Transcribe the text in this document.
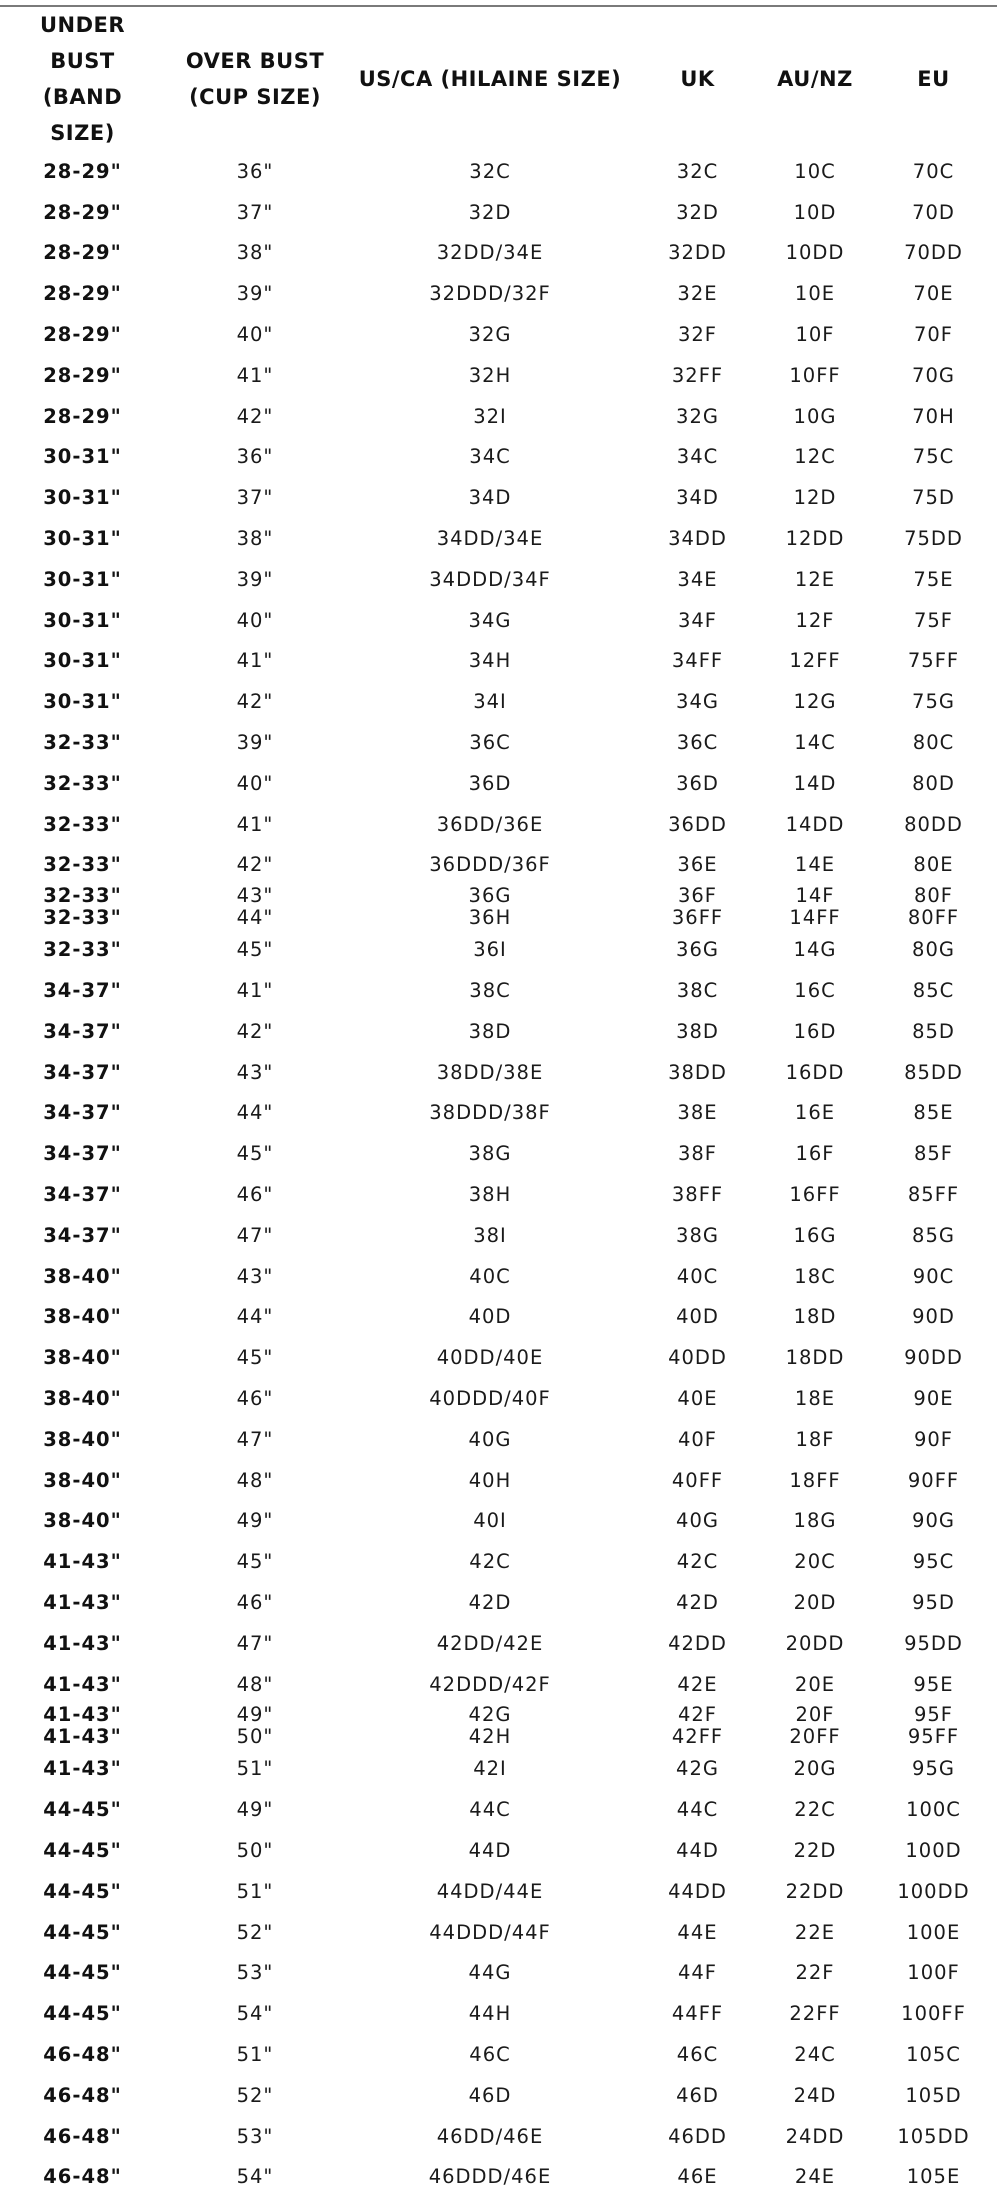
UNDER BUST (BAND SIZE)	OVER BUST (CUP SIZE)	US/CA (HILAINE SIZE)	UK	AU/NZ	EU
28-29"	36"	32C	32C	10C	70C
28-29"	37"	32D	32D	10D	70D
28-29"	38"	32DD/34E	32DD	10DD	70DD
28-29"	39"	32DDD/32F	32E	10E	70E
28-29"	40"	32G	32F	10F	70F
28-29"	41"	32H	32FF	10FF	70G
28-29"	42"	32I	32G	10G	70H
30-31"	36"	34C	34C	12C	75C
30-31"	37"	34D	34D	12D	75D
30-31"	38"	34DD/34E	34DD	12DD	75DD
30-31"	39"	34DDD/34F	34E	12E	75E
30-31"	40"	34G	34F	12F	75F
30-31"	41"	34H	34FF	12FF	75FF
30-31"	42"	34I	34G	12G	75G
32-33"	39"	36C	36C	14C	80C
32-33"	40"	36D	36D	14D	80D
32-33"	41"	36DD/36E	36DD	14DD	80DD
32-33"	42"	36DDD/36F	36E	14E	80E
32-33"	43"	36G	36F	14F	80F
32-33"	44"	36H	36FF	14FF	80FF
32-33"	45"	36I	36G	14G	80G
34-37"	41"	38C	38C	16C	85C
34-37"	42"	38D	38D	16D	85D
34-37"	43"	38DD/38E	38DD	16DD	85DD
34-37"	44"	38DDD/38F	38E	16E	85E
34-37"	45"	38G	38F	16F	85F
34-37"	46"	38H	38FF	16FF	85FF
34-37"	47"	38I	38G	16G	85G
38-40"	43"	40C	40C	18C	90C
38-40"	44"	40D	40D	18D	90D
38-40"	45"	40DD/40E	40DD	18DD	90DD
38-40"	46"	40DDD/40F	40E	18E	90E
38-40"	47"	40G	40F	18F	90F
38-40"	48"	40H	40FF	18FF	90FF
38-40"	49"	40I	40G	18G	90G
41-43"	45"	42C	42C	20C	95C
41-43"	46"	42D	42D	20D	95D
41-43"	47"	42DD/42E	42DD	20DD	95DD
41-43"	48"	42DDD/42F	42E	20E	95E
41-43"	49"	42G	42F	20F	95F
41-43"	50"	42H	42FF	20FF	95FF
41-43"	51"	42I	42G	20G	95G
44-45"	49"	44C	44C	22C	100C
44-45"	50"	44D	44D	22D	100D
44-45"	51"	44DD/44E	44DD	22DD	100DD
44-45"	52"	44DDD/44F	44E	22E	100E
44-45"	53"	44G	44F	22F	100F
44-45"	54"	44H	44FF	22FF	100FF
46-48"	51"	46C	46C	24C	105C
46-48"	52"	46D	46D	24D	105D
46-48"	53"	46DD/46E	46DD	24DD	105DD
46-48"	54"	46DDD/46E	46E	24E	105E
